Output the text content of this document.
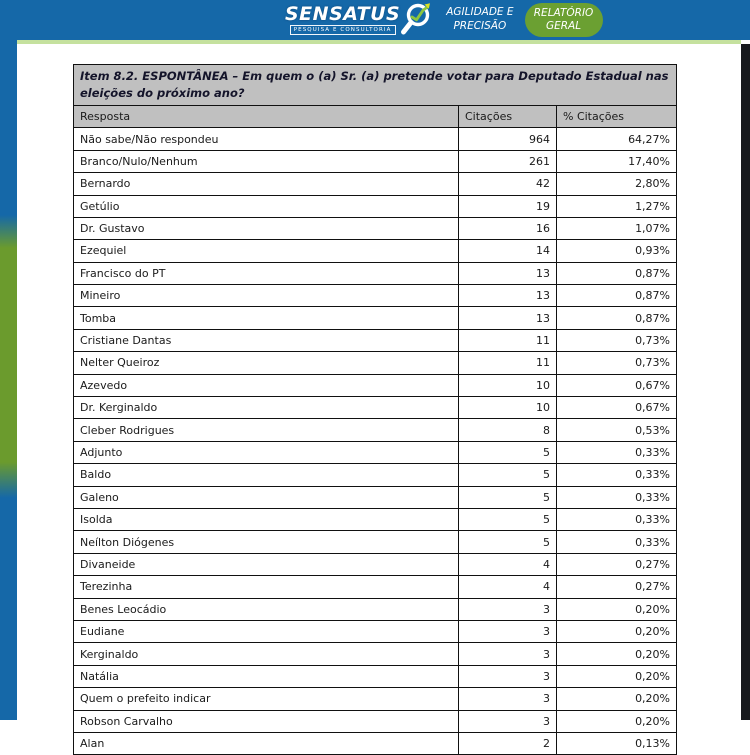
SENSATUS
PESQUISA E CONSULTORIA
AGILIDADE E
PRECISÃO
RELATÓRIO
GERAL
Item 8.2. ESPONTÂNEA – Em quem o (a) Sr. (a) pretende votar para Deputado Estadual nas eleições do próximo ano?		
Resposta	Citações	% Citações
Não sabe/Não respondeu	964	64,27%
Branco/Nulo/Nenhum	261	17,40%
Bernardo	42	2,80%
Getúlio	19	1,27%
Dr. Gustavo	16	1,07%
Ezequiel	14	0,93%
Francisco do PT	13	0,87%
Mineiro	13	0,87%
Tomba	13	0,87%
Cristiane Dantas	11	0,73%
Nelter Queiroz	11	0,73%
Azevedo	10	0,67%
Dr. Kerginaldo	10	0,67%
Cleber Rodrigues	8	0,53%
Adjunto	5	0,33%
Baldo	5	0,33%
Galeno	5	0,33%
Isolda	5	0,33%
Neílton Diógenes	5	0,33%
Divaneide	4	0,27%
Terezinha	4	0,27%
Benes Leocádio	3	0,20%
Eudiane	3	0,20%
Kerginaldo	3	0,20%
Natália	3	0,20%
Quem o prefeito indicar	3	0,20%
Robson Carvalho	3	0,20%
Alan	2	0,13%
